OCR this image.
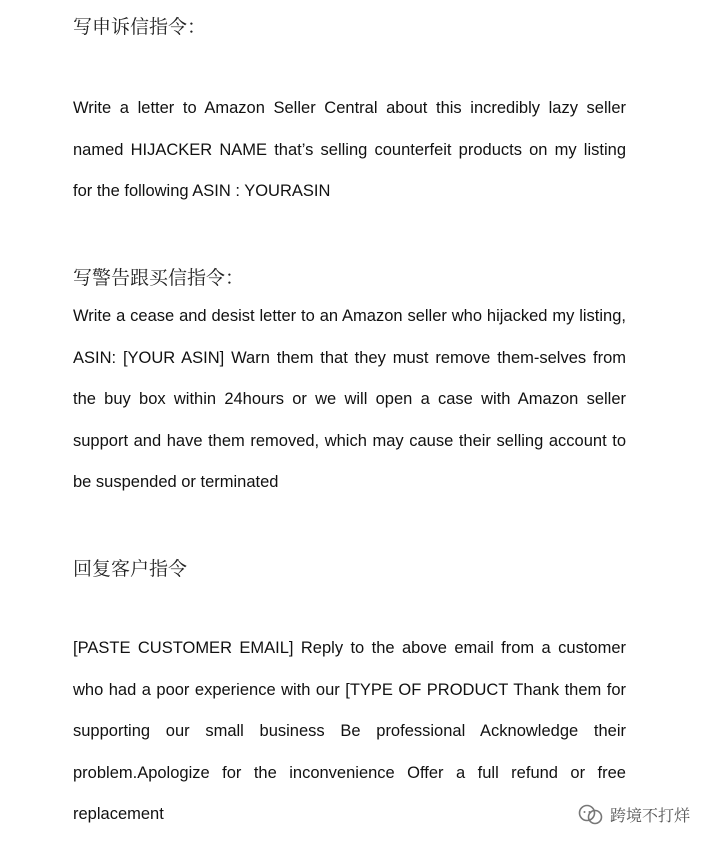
写申诉信指令：

Write a letter to Amazon Seller Central about this incredibly lazy seller named HIJACKER NAME that’s selling counterfeit products on my listing for the following ASIN : YOURASIN

写警告跟买信指令：

Write a cease and desist letter to an Amazon seller who hijacked my listing, ASIN: [YOUR ASIN] Warn them that they must remove them-selves from the buy box within 24hours or we will open a case with Amazon seller support and have them removed, which may cause their selling account to be suspended or terminated

回复客户指令

[PASTE CUSTOMER EMAIL] Reply to the above email from a customer who had a poor experience with our [TYPE OF PRODUCT Thank them for supporting our small business Be professional Acknowledge their problem.Apologize for the inconvenience Offer a full refund or free replacement	跨境不打烊
